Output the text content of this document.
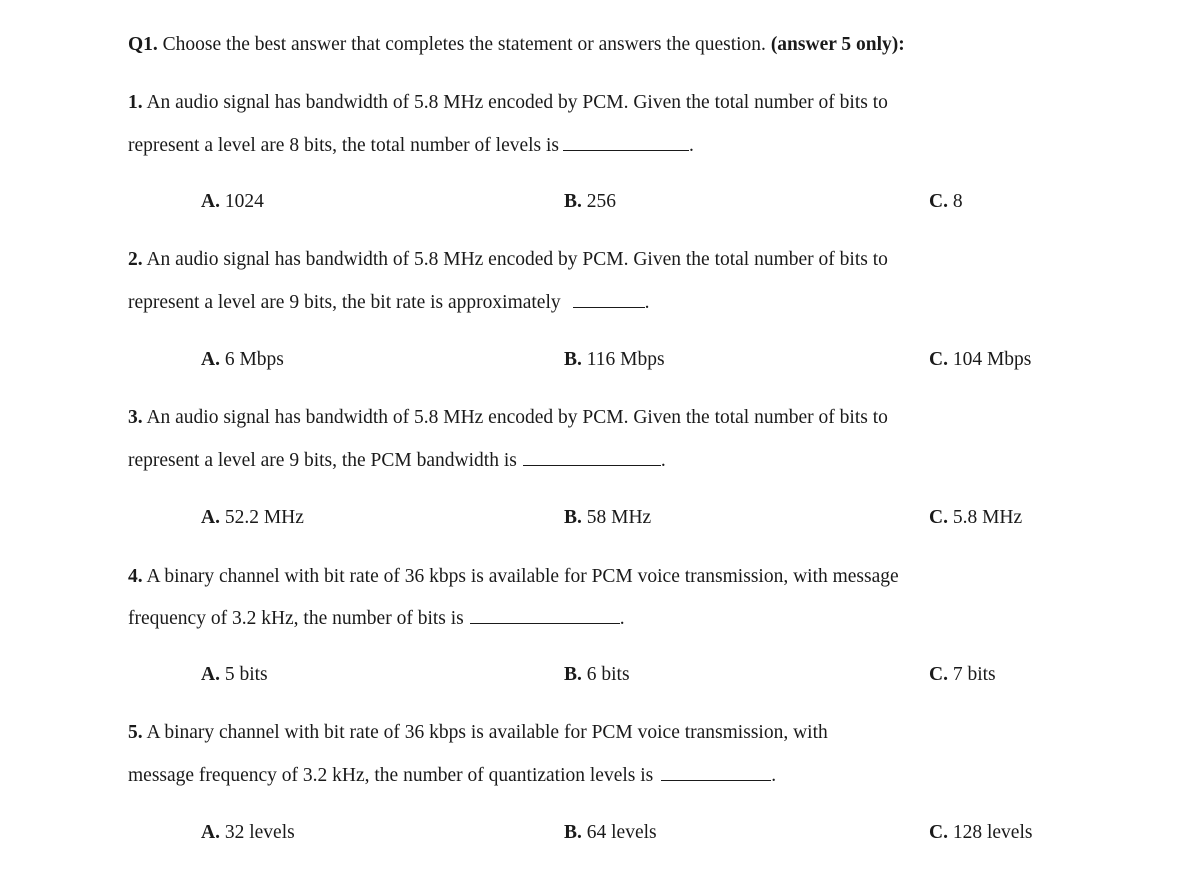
Q1. Choose the best answer that completes the statement or answers the question. (answer 5 only):
1. An audio signal has bandwidth of 5.8 MHz encoded by PCM. Given the total number of bits to
represent a level are 8 bits, the total number of levels is	.
A. 1024	B. 256	C. 8
2. An audio signal has bandwidth of 5.8 MHz encoded by PCM. Given the total number of bits to
represent a level are 9 bits, the bit rate is approximately	.
A. 6 Mbps	B. 116 Mbps	C. 104 Mbps
3. An audio signal has bandwidth of 5.8 MHz encoded by PCM. Given the total number of bits to
represent a level are 9 bits, the PCM bandwidth is	.
A. 52.2 MHz	B. 58 MHz	C. 5.8 MHz
4. A binary channel with bit rate of 36 kbps is available for PCM voice transmission, with message
frequency of 3.2 kHz, the number of bits is	.
A. 5 bits	B. 6 bits	C. 7 bits
5. A binary channel with bit rate of 36 kbps is available for PCM voice transmission, with
message frequency of 3.2 kHz, the number of quantization levels is	.
A. 32 levels	B. 64 levels	C. 128 levels
